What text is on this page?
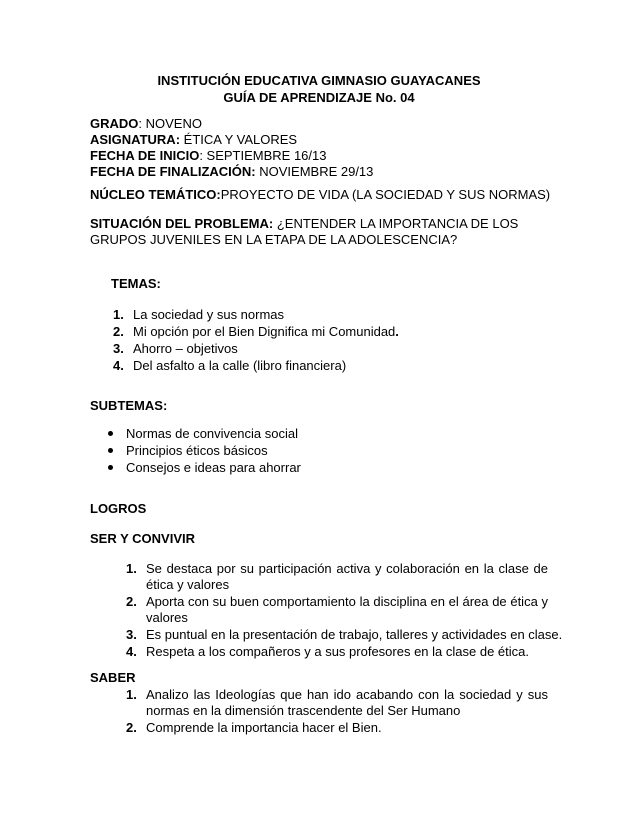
INSTITUCIÓN EDUCATIVA GIMNASIO GUAYACANES
GUÍA DE APRENDIZAJE No. 04
GRADO: NOVENO
ASIGNATURA: ÉTICA Y VALORES
FECHA DE INICIO: SEPTIEMBRE 16/13
FECHA DE FINALIZACIÓN: NOVIEMBRE 29/13
NÚCLEO TEMÁTICO:PROYECTO DE VIDA (LA SOCIEDAD Y SUS NORMAS)
SITUACIÓN DEL PROBLEMA: ¿ENTENDER LA IMPORTANCIA DE LOS
GRUPOS JUVENILES EN LA ETAPA DE LA ADOLESCENCIA?
TEMAS:
1. La sociedad y sus normas
2. Mi opción por el Bien Dignifica mi Comunidad.
3. Ahorro – objetivos
4. Del asfalto a la calle (libro financiera)
SUBTEMAS:
Normas de convivencia social
Principios éticos básicos
Consejos e ideas para ahorrar
LOGROS
SER Y CONVIVIR
1. Se destaca por su participación activa y colaboración en la clase de
ética y valores
2. Aporta con su buen comportamiento la disciplina en el área de ética y
valores
3. Es puntual en la presentación de trabajo, talleres y actividades en clase.
4. Respeta a los compañeros y a sus profesores en la clase de ética.
SABER
1. Analizo las Ideologías que han ido acabando con la sociedad y sus
normas en la dimensión trascendente del Ser Humano
2. Comprende la importancia hacer el Bien.
